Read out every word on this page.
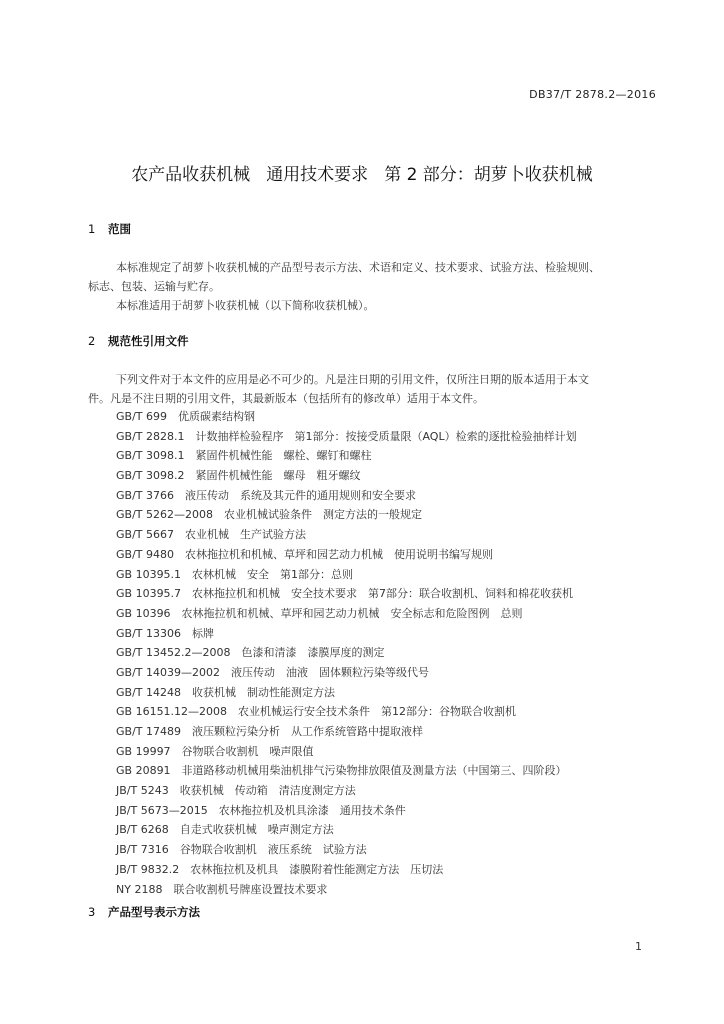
DB37/T 2878.2—2016
农产品收获机械 通用技术要求 第 2 部分：胡萝卜收获机械
1 范围
本标准规定了胡萝卜收获机械的产品型号表示方法、术语和定义、技术要求、试验方法、检验规则、
标志、包装、运输与贮存。
本标准适用于胡萝卜收获机械（以下简称收获机械）。
2 规范性引用文件
下列文件对于本文件的应用是必不可少的。凡是注日期的引用文件，仅所注日期的版本适用于本文
件。凡是不注日期的引用文件，其最新版本（包括所有的修改单）适用于本文件。
GB/T 699　优质碳素结构钢
GB/T 2828.1　计数抽样检验程序　第1部分：按接受质量限（AQL）检索的逐批检验抽样计划
GB/T 3098.1　紧固件机械性能　螺栓、螺钉和螺柱
GB/T 3098.2　紧固件机械性能　螺母　粗牙螺纹
GB/T 3766　液压传动　系统及其元件的通用规则和安全要求
GB/T 5262—2008　农业机械试验条件　测定方法的一般规定
GB/T 5667　农业机械　生产试验方法
GB/T 9480　农林拖拉机和机械、草坪和园艺动力机械　使用说明书编写规则
GB 10395.1　农林机械　安全　第1部分：总则
GB 10395.7　农林拖拉机和机械　安全技术要求　第7部分：联合收割机、饲料和棉花收获机
GB 10396　农林拖拉机和机械、草坪和园艺动力机械　安全标志和危险图例　总则
GB/T 13306　标牌
GB/T 13452.2—2008　色漆和清漆　漆膜厚度的测定
GB/T 14039—2002　液压传动　油液　固体颗粒污染等级代号
GB/T 14248　收获机械　制动性能测定方法
GB 16151.12—2008　农业机械运行安全技术条件　第12部分：谷物联合收割机
GB/T 17489　液压颗粒污染分析　从工作系统管路中提取液样
GB 19997　谷物联合收割机　噪声限值
GB 20891　非道路移动机械用柴油机排气污染物排放限值及测量方法（中国第三、四阶段）
JB/T 5243　收获机械　传动箱　清洁度测定方法
JB/T 5673—2015　农林拖拉机及机具涂漆　通用技术条件
JB/T 6268　自走式收获机械　噪声测定方法
JB/T 7316　谷物联合收割机　液压系统　试验方法
JB/T 9832.2　农林拖拉机及机具　漆膜附着性能测定方法　压切法
NY 2188　联合收割机号牌座设置技术要求
3 产品型号表示方法
1
